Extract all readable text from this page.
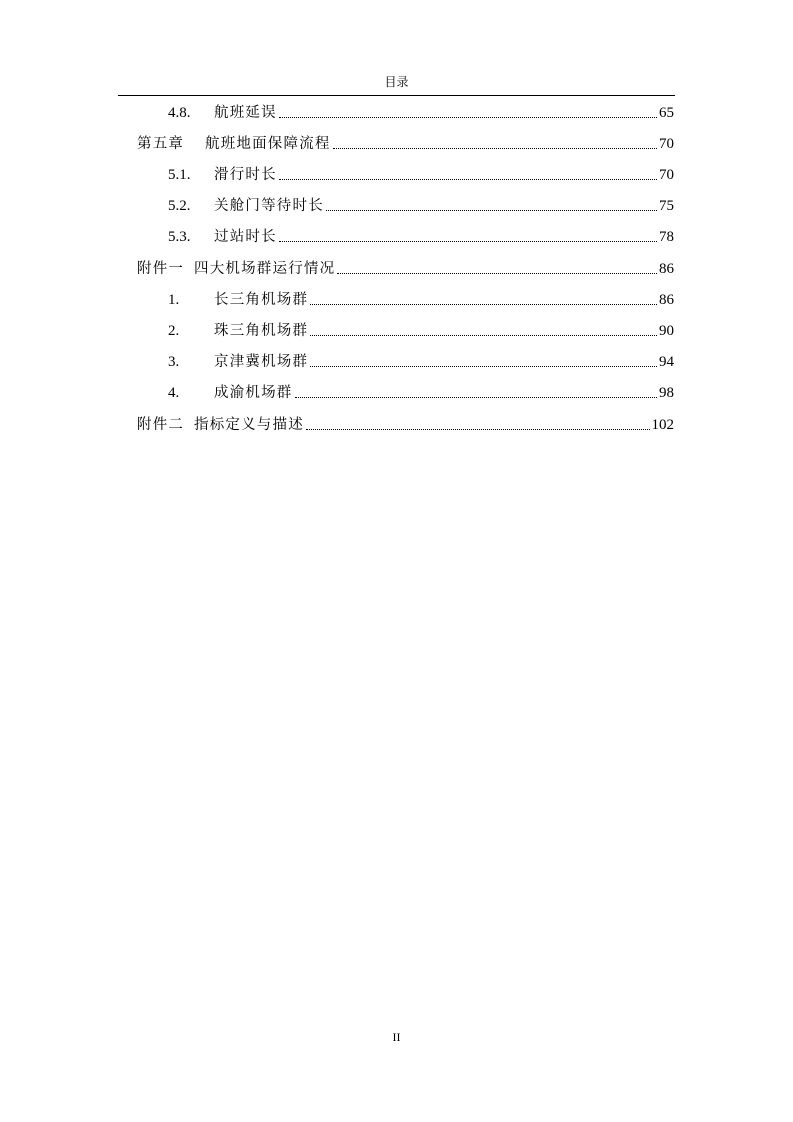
目录
4.8.	航班延误	65
第五章	航班地面保障流程	70
5.1.	滑行时长	70
5.2.	关舱门等待时长	75
5.3.	过站时长	78
附件一 四大机场群运行情况	86
1.	长三角机场群	86
2.	珠三角机场群	90
3.	京津冀机场群	94
4.	成渝机场群	98
附件二 指标定义与描述	102
II
